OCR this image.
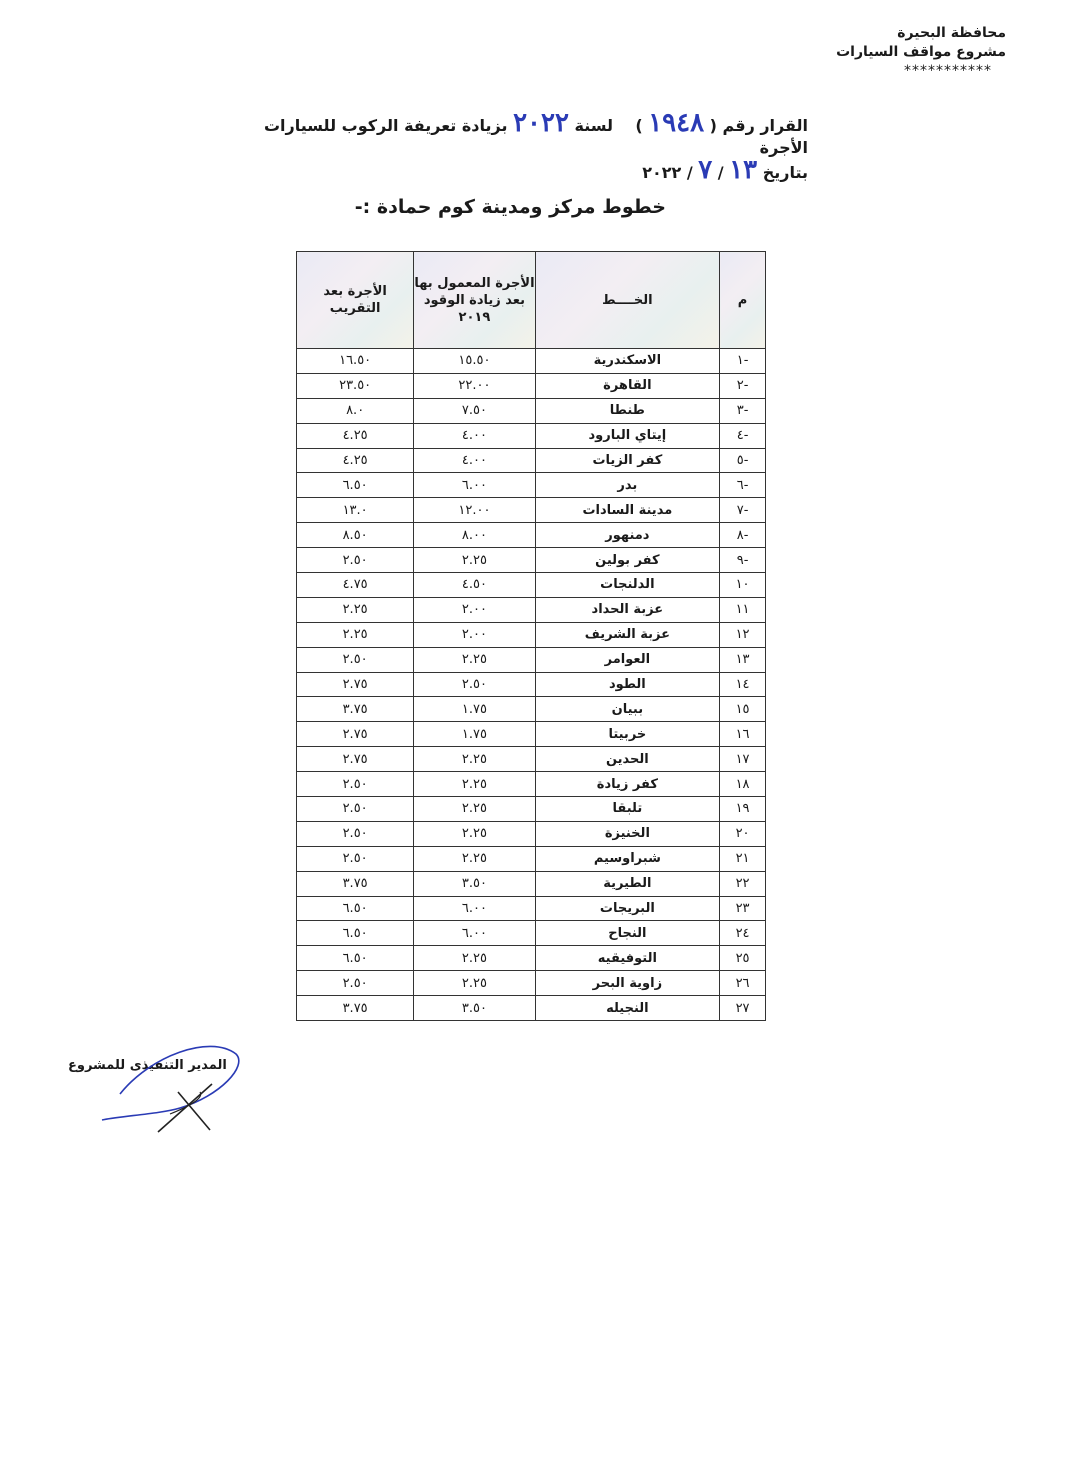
محافظة البحيرة
مشروع مواقف السيارات
***********
القرار رقم ( ١٩٤٨ )    لسنة ٢٠٢٢ بزيادة تعريفة الركوب للسيارات الأجرة
بتاريخ ١٣ / ٧ / ٢٠٢٢
خطوط مركز ومدينة كوم حمادة :-
م	الخــــط	الأجرة المعمول بها بعد زيادة الوقود ٢٠١٩	الأجرة بعد التقريب
-١	الاسكندرية	١٥.٥٠	١٦.٥٠
-٢	القاهرة	٢٢.٠٠	٢٣.٥٠
-٣	طنطا	٧.٥٠	٨.٠
-٤	إيتاي البارود	٤.٠٠	٤.٢٥
-٥	كفر الزيات	٤.٠٠	٤.٢٥
-٦	بدر	٦.٠٠	٦.٥٠
-٧	مدينة السادات	١٢.٠٠	١٣.٠
-٨	دمنهور	٨.٠٠	٨.٥٠
-٩	كفر بولين	٢.٢٥	٢.٥٠
١٠	الدلنجات	٤.٥٠	٤.٧٥
١١	عزبة الحداد	٢.٠٠	٢.٢٥
١٢	عزبة الشريف	٢.٠٠	٢.٢٥
١٣	العوامر	٢.٢٥	٢.٥٠
١٤	الطود	٢.٥٠	٢.٧٥
١٥	ببيان	١.٧٥	٣.٧٥
١٦	خربيتا	١.٧٥	٢.٧٥
١٧	الحدين	٢.٢٥	٢.٧٥
١٨	كفر زيادة	٢.٢٥	٢.٥٠
١٩	تلبقا	٢.٢٥	٢.٥٠
٢٠	الخنيزة	٢.٢٥	٢.٥٠
٢١	شبراوسيم	٢.٢٥	٢.٥٠
٢٢	الطيرية	٣.٥٠	٣.٧٥
٢٣	البريجات	٦.٠٠	٦.٥٠
٢٤	النجاح	٦.٠٠	٦.٥٠
٢٥	التوفيقيه	٢.٢٥	٦.٥٠
٢٦	زاوية البحر	٢.٢٥	٢.٥٠
٢٧	النجيله	٣.٥٠	٣.٧٥
المدير التنفيذى للمشروع
